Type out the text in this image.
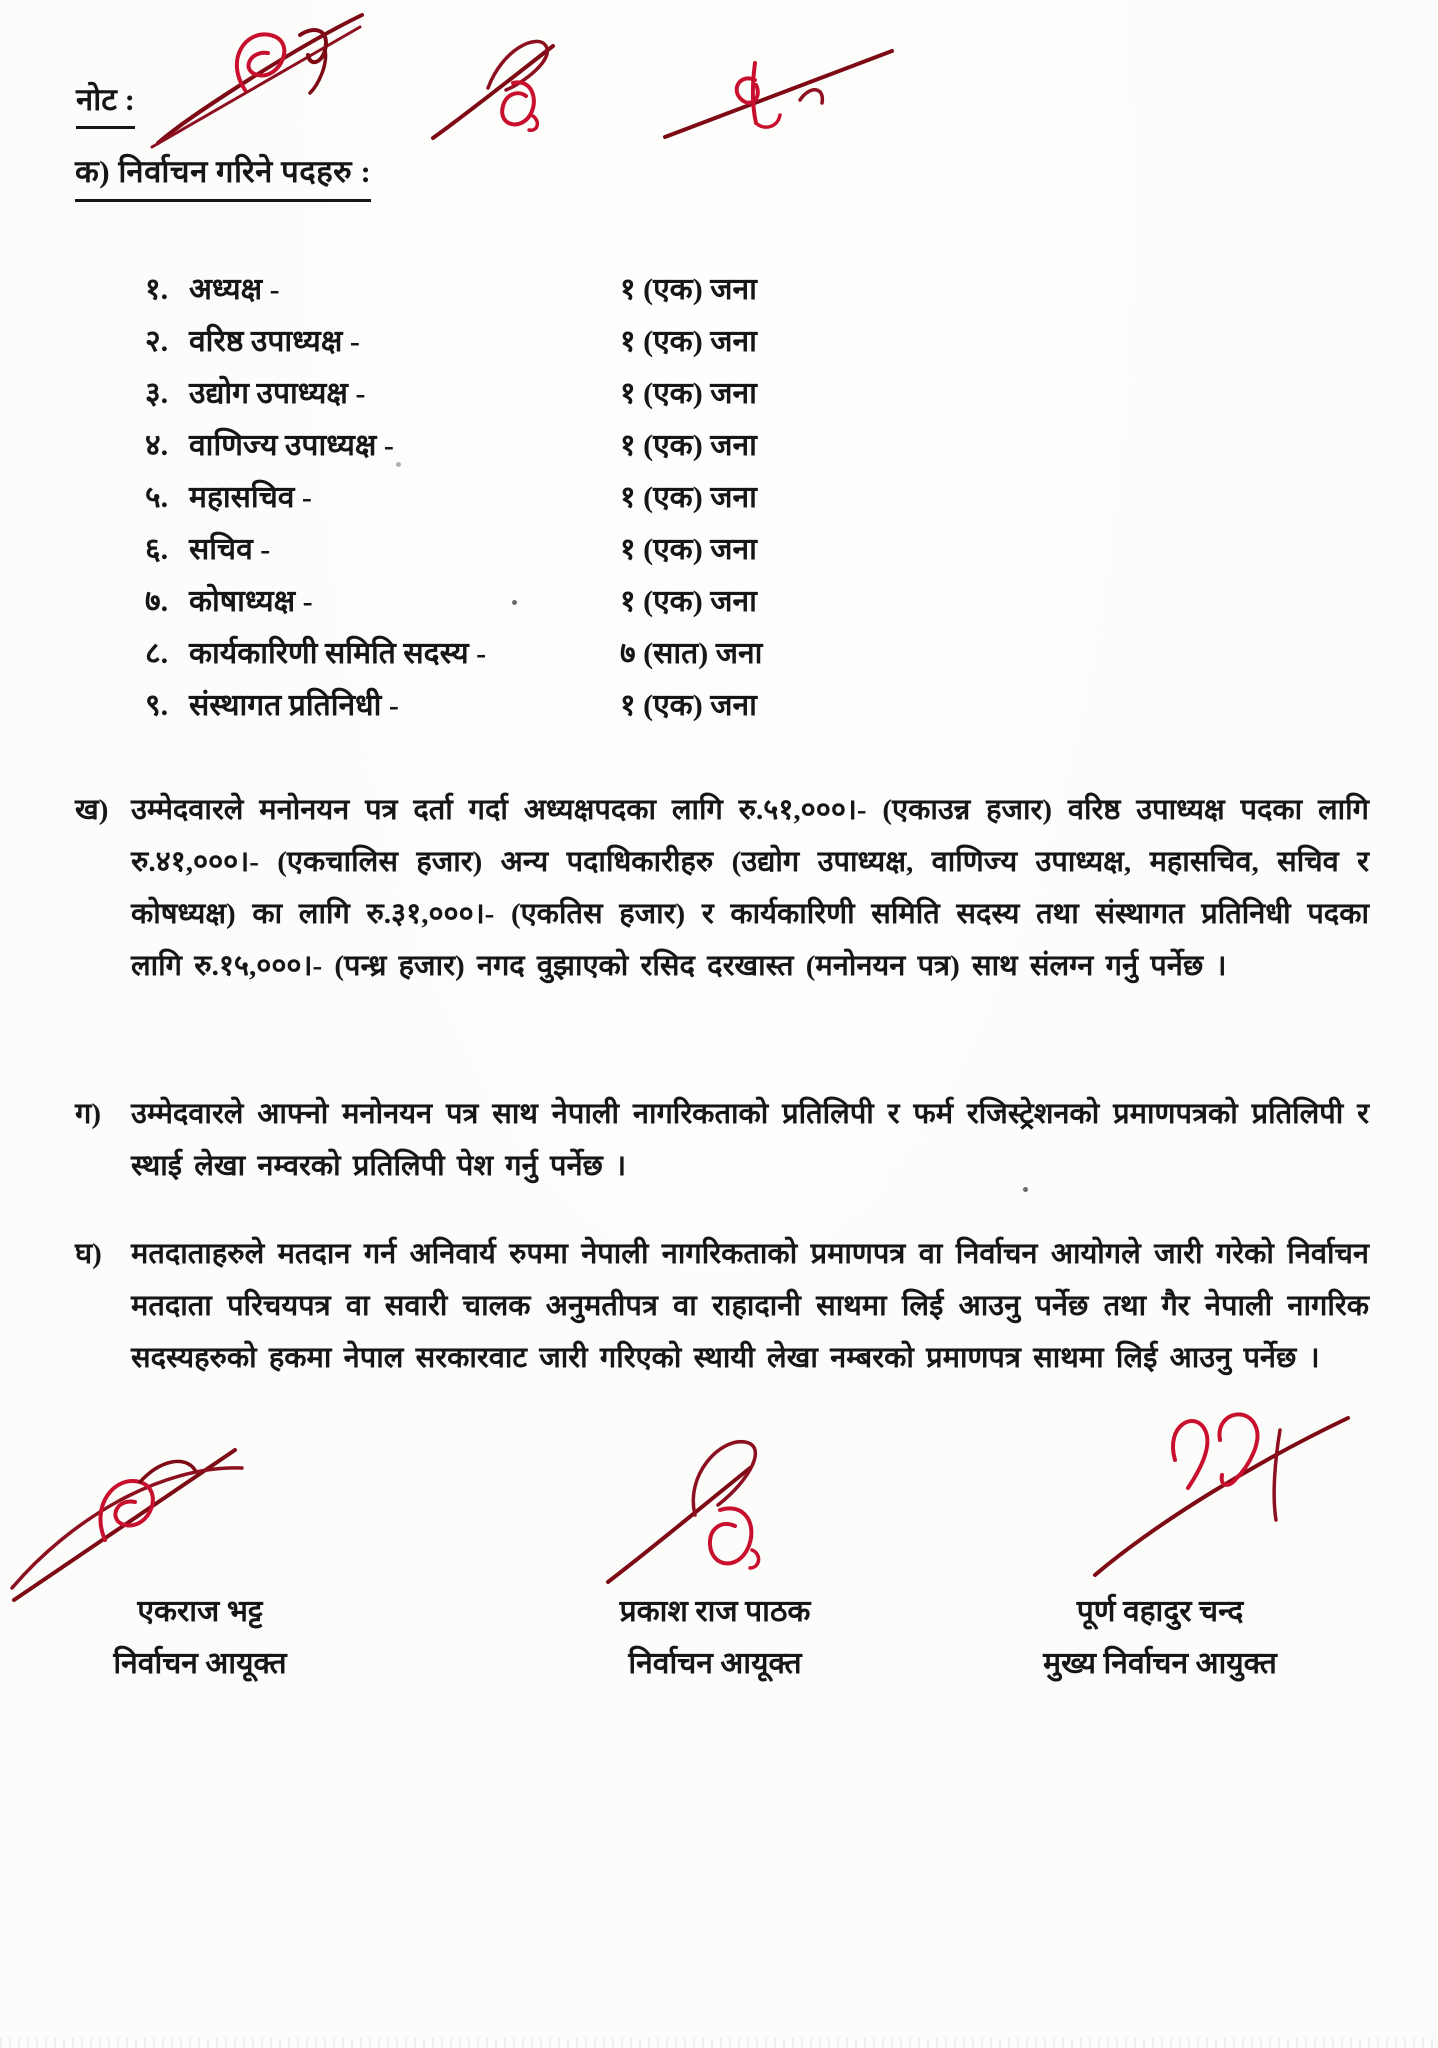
नोट :
क) निर्वाचन गरिने पदहरु :
१. अध्यक्ष -	१ (एक) जना
२. वरिष्ठ उपाध्यक्ष -	१ (एक) जना
३. उद्योग उपाध्यक्ष -	१ (एक) जना
४. वाणिज्य उपाध्यक्ष -	१ (एक) जना
५. महासचिव -	१ (एक) जना
६. सचिव -	१ (एक) जना
७. कोषाध्यक्ष -	१ (एक) जना
८. कार्यकारिणी समिति सदस्य -	७ (सात) जना
९. संस्थागत प्रतिनिधी -	१ (एक) जना
ख) उम्मेदवारले मनोनयन पत्र दर्ता गर्दा अध्यक्षपदका लागि रु.५१,०००।- (एकाउन्न हजार) वरिष्ठ उपाध्यक्ष पदका लागि रु.४१,०००।- (एकचालिस हजार) अन्य पदाधिकारीहरु (उद्योग उपाध्यक्ष, वाणिज्य उपाध्यक्ष, महासचिव, सचिव र कोषध्यक्ष) का लागि रु.३१,०००।- (एकतिस हजार) र कार्यकारिणी समिति सदस्य तथा संस्थागत प्रतिनिधी पदका लागि रु.१५,०००।- (पन्ध्र हजार) नगद वुझाएको रसिद दरखास्त (मनोनयन पत्र) साथ संलग्न गर्नु पर्नेछ ।
ग)	उम्मेदवारले आफ्नो मनोनयन पत्र साथ नेपाली नागरिकताको प्रतिलिपी र फर्म रजिस्ट्रेशनको प्रमाणपत्रको प्रतिलिपी र स्थाई लेखा नम्वरको प्रतिलिपी पेश गर्नु पर्नेछ ।
घ)	मतदाताहरुले मतदान गर्न अनिवार्य रुपमा नेपाली नागरिकताको प्रमाणपत्र वा निर्वाचन आयोगले जारी गरेको निर्वाचन मतदाता परिचयपत्र वा सवारी चालक अनुमतीपत्र वा राहादानी साथमा लिई आउनु पर्नेछ तथा गैर नेपाली नागरिक सदस्यहरुको हकमा नेपाल सरकारवाट जारी गरिएको स्थायी लेखा नम्बरको प्रमाणपत्र साथमा लिई आउनु पर्नेछ ।
एकराज भट्ट
निर्वाचन आयूक्त
प्रकाश राज पाठक
निर्वाचन आयूक्त
पूर्ण वहादुर चन्द
मुख्य निर्वाचन आयुक्त
